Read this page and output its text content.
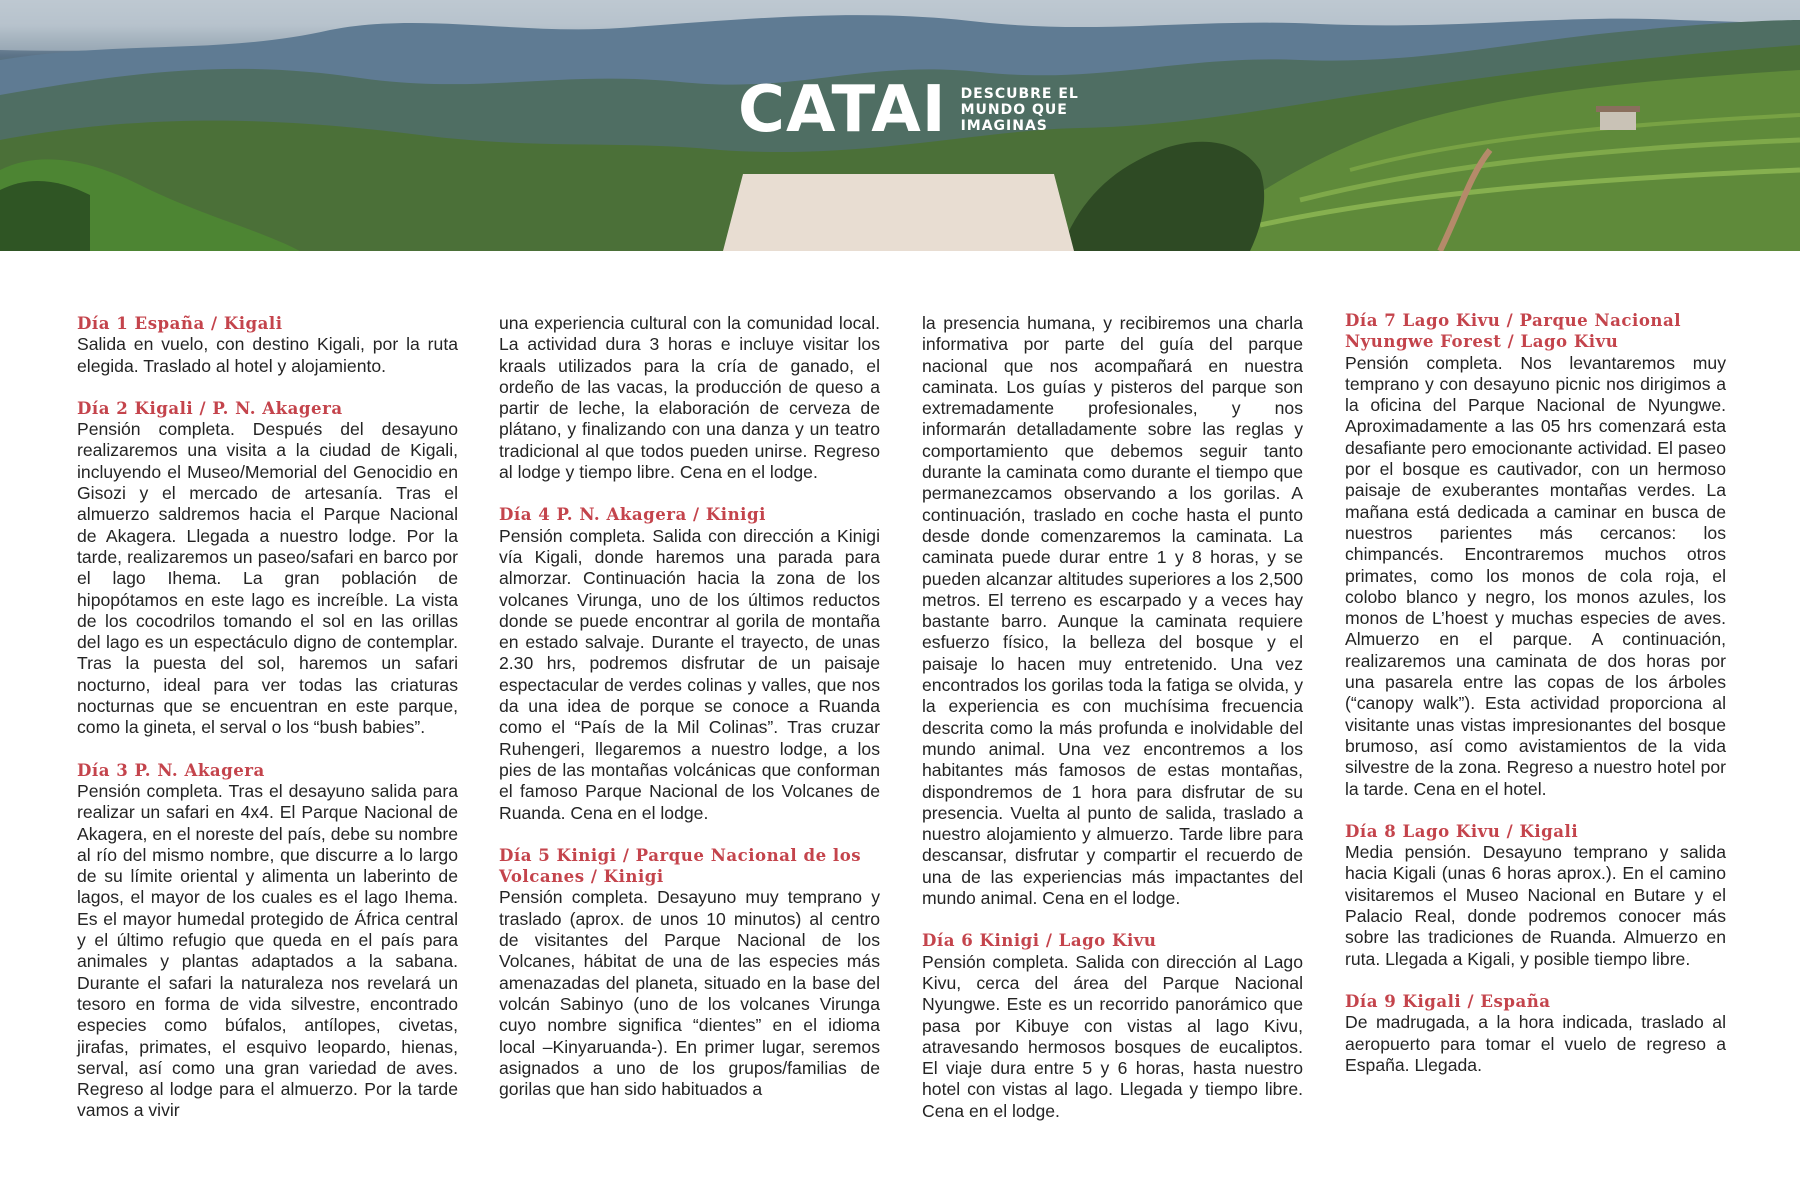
CATAI DESCUBRE EL
MUNDO QUE
IMAGINAS
Día 1 España / Kigali

Salida en vuelo, con destino Kigali, por la ruta elegida. Traslado al hotel y alojamiento.

Día 2 Kigali / P. N. Akagera

Pensión completa. Después del desayuno realizaremos una visita a la ciudad de Kigali, incluyendo el Museo/Memorial del Genocidio en Gisozi y el mercado de artesanía. Tras el almuerzo saldremos hacia el Parque Nacional de Akagera. Llegada a nuestro lodge. Por la tarde, realizaremos un paseo/safari en barco por el lago Ihema. La gran población de hipopótamos en este lago es increíble. La vista de los cocodrilos tomando el sol en las orillas del lago es un espectáculo digno de contemplar. Tras la puesta del sol, haremos un safari nocturno, ideal para ver todas las criaturas nocturnas que se encuentran en este parque, como la gineta, el serval o los “bush babies”.

Día 3 P. N. Akagera

Pensión completa. Tras el desayuno salida para realizar un safari en 4x4. El Parque Nacional de Akagera, en el noreste del país, debe su nombre al río del mismo nombre, que discurre a lo largo de su límite oriental y alimenta un laberinto de lagos, el mayor de los cuales es el lago Ihema. Es el mayor humedal protegido de África central y el último refugio que queda en el país para animales y plantas adaptados a la sabana. Durante el safari la naturaleza nos revelará un tesoro en forma de vida silvestre, encontrado especies como búfalos, antílopes, civetas, jirafas, primates, el esquivo leopardo, hienas, serval, así como una gran variedad de aves. Regreso al lodge para el almuerzo. Por la tarde vamos a vivir

una experiencia cultural con la comunidad local. La actividad dura 3 horas e incluye visitar los kraals utilizados para la cría de ganado, el ordeño de las vacas, la producción de queso a partir de leche, la elaboración de cerveza de plátano, y finalizando con una danza y un teatro tradicional al que todos pueden unirse. Regreso al lodge y tiempo libre. Cena en el lodge.

Día 4 P. N. Akagera / Kinigi

Pensión completa. Salida con dirección a Kinigi vía Kigali, donde haremos una parada para almorzar. Continuación hacia la zona de los volcanes Virunga, uno de los últimos reductos donde se puede encontrar al gorila de montaña en estado salvaje. Durante el trayecto, de unas 2.30 hrs, podremos disfrutar de un paisaje espectacular de verdes colinas y valles, que nos da una idea de porque se conoce a Ruanda como el “País de la Mil Colinas”. Tras cruzar Ruhengeri, llegaremos a nuestro lodge, a los pies de las montañas volcánicas que conforman el famoso Parque Nacional de los Volcanes de Ruanda. Cena en el lodge.

Día 5 Kinigi / Parque Nacional de los Volcanes / Kinigi

Pensión completa. Desayuno muy temprano y traslado (aprox. de unos 10 minutos) al centro de visitantes del Parque Nacional de los Volcanes, hábitat de una de las especies más amenazadas del planeta, situado en la base del volcán Sabinyo (uno de los volcanes Virunga cuyo nombre significa “dientes” en el idioma local –Kinyaruanda-). En primer lugar, seremos asignados a uno de los grupos/familias de gorilas que han sido habituados a

la presencia humana, y recibiremos una charla informativa por parte del guía del parque nacional que nos acompañará en nuestra caminata. Los guías y pisteros del parque son extremadamente profesionales, y nos informarán detalladamente sobre las reglas y comportamiento que debemos seguir tanto durante la caminata como durante el tiempo que permanezcamos observando a los gorilas. A continuación, traslado en coche hasta el punto desde donde comenzaremos la caminata. La caminata puede durar entre 1 y 8 horas, y se pueden alcanzar altitudes superiores a los 2,500 metros. El terreno es escarpado y a veces hay bastante barro. Aunque la caminata requiere esfuerzo físico, la belleza del bosque y el paisaje lo hacen muy entretenido. Una vez encontrados los gorilas toda la fatiga se olvida, y la experiencia es con muchísima frecuencia descrita como la más profunda e inolvidable del mundo animal. Una vez encontremos a los habitantes más famosos de estas montañas, dispondremos de 1 hora para disfrutar de su presencia. Vuelta al punto de salida, traslado a nuestro alojamiento y almuerzo. Tarde libre para descansar, disfrutar y compartir el recuerdo de una de las experiencias más impactantes del mundo animal. Cena en el lodge.

Día 6 Kinigi / Lago Kivu

Pensión completa. Salida con dirección al Lago Kivu, cerca del área del Parque Nacional Nyungwe. Este es un recorrido panorámico que pasa por Kibuye con vistas al lago Kivu, atravesando hermosos bosques de eucaliptos. El viaje dura entre 5 y 6 horas, hasta nuestro hotel con vistas al lago. Llegada y tiempo libre. Cena en el lodge.

Día 7 Lago Kivu / Parque Nacional Nyungwe Forest / Lago Kivu

Pensión completa. Nos levantaremos muy temprano y con desayuno picnic nos dirigimos a la oficina del Parque Nacional de Nyungwe. Aproximadamente a las 05 hrs comenzará esta desafiante pero emocionante actividad. El paseo por el bosque es cautivador, con un hermoso paisaje de exuberantes montañas verdes. La mañana está dedicada a caminar en busca de nuestros parientes más cercanos: los chimpancés. Encontraremos muchos otros primates, como los monos de cola roja, el colobo blanco y negro, los monos azules, los monos de L’hoest y muchas especies de aves. Almuerzo en el parque. A continuación, realizaremos una caminata de dos horas por una pasarela entre las copas de los árboles (“canopy walk”). Esta actividad proporciona al visitante unas vistas impresionantes del bosque brumoso, así como avistamientos de la vida silvestre de la zona. Regreso a nuestro hotel por la tarde. Cena en el hotel.

Día 8 Lago Kivu / Kigali

Media pensión. Desayuno temprano y salida hacia Kigali (unas 6 horas aprox.). En el camino visitaremos el Museo Nacional en Butare y el Palacio Real, donde podremos conocer más sobre las tradiciones de Ruanda. Almuerzo en ruta. Llegada a Kigali, y posible tiempo libre.

Día 9 Kigali / España

De madrugada, a la hora indicada, traslado al aeropuerto para tomar el vuelo de regreso a España. Llegada.
